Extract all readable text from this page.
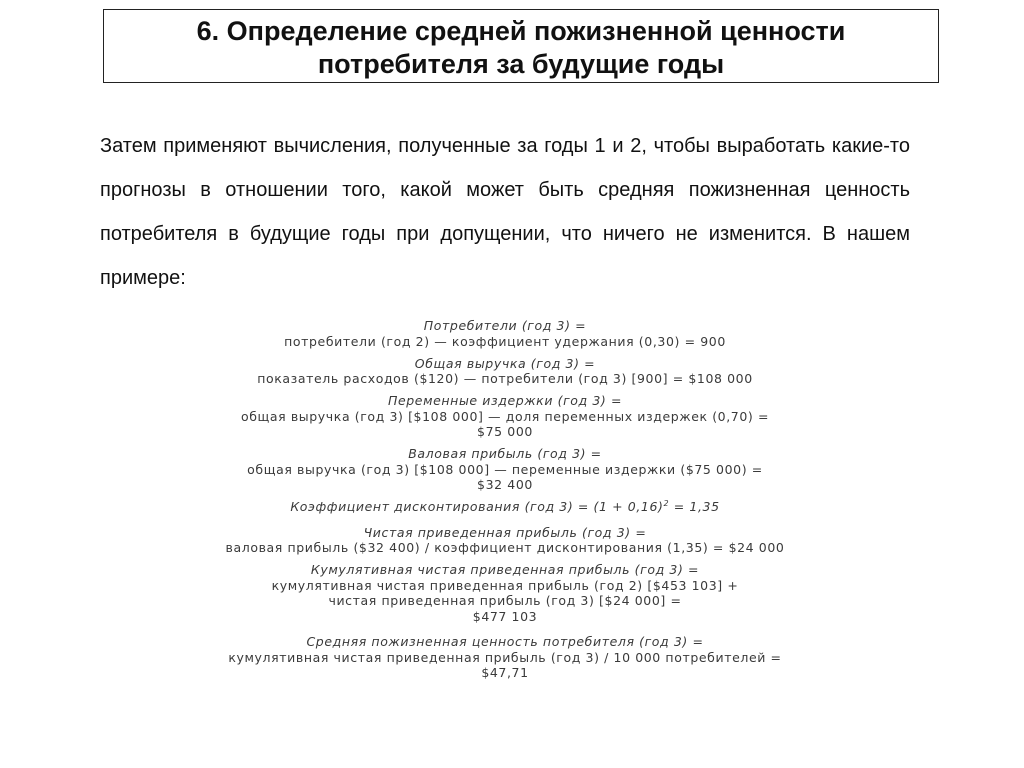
6. Определение средней пожизненной ценности
потребителя за будущие годы

Затем применяют вычисления, полученные за годы 1 и 2, чтобы выработать какие-то прогнозы в отношении того, какой может быть средняя пожизненная ценность потребителя в будущие годы при допущении, что ничего не изменится. В нашем примере:

Потребители (год 3) =
потребители (год 2) — коэффициент удержания (0,30) = 900
Общая выручка (год 3) =
показатель расходов ($120) — потребители (год 3) [900] = $108 000
Переменные издержки (год 3) =
общая выручка (год 3) [$108 000] — доля переменных издержек (0,70) =
$75 000
Валовая прибыль (год 3) =
общая выручка (год 3) [$108 000] — переменные издержки ($75 000) =
$32 400
Коэффициент дисконтирования (год $3) = (1 + 0,16)^2 = 1,35$
Чистая приведенная прибыль (год 3) =
валовая прибыль ($32 400) / коэффициент дисконтирования (1,35) = $24 000
Кумулятивная чистая приведенная прибыль (год 3) =
кумулятивная чистая приведенная прибыль (год 2) [$453 103] +
чистая приведенная прибыль (год 3) [$24 000] =
$477 103
Средняя пожизненная ценность потребителя (год 3) =
кумулятивная чистая приведенная прибыль (год 3) / 10 000 потребителей =
$47,71
